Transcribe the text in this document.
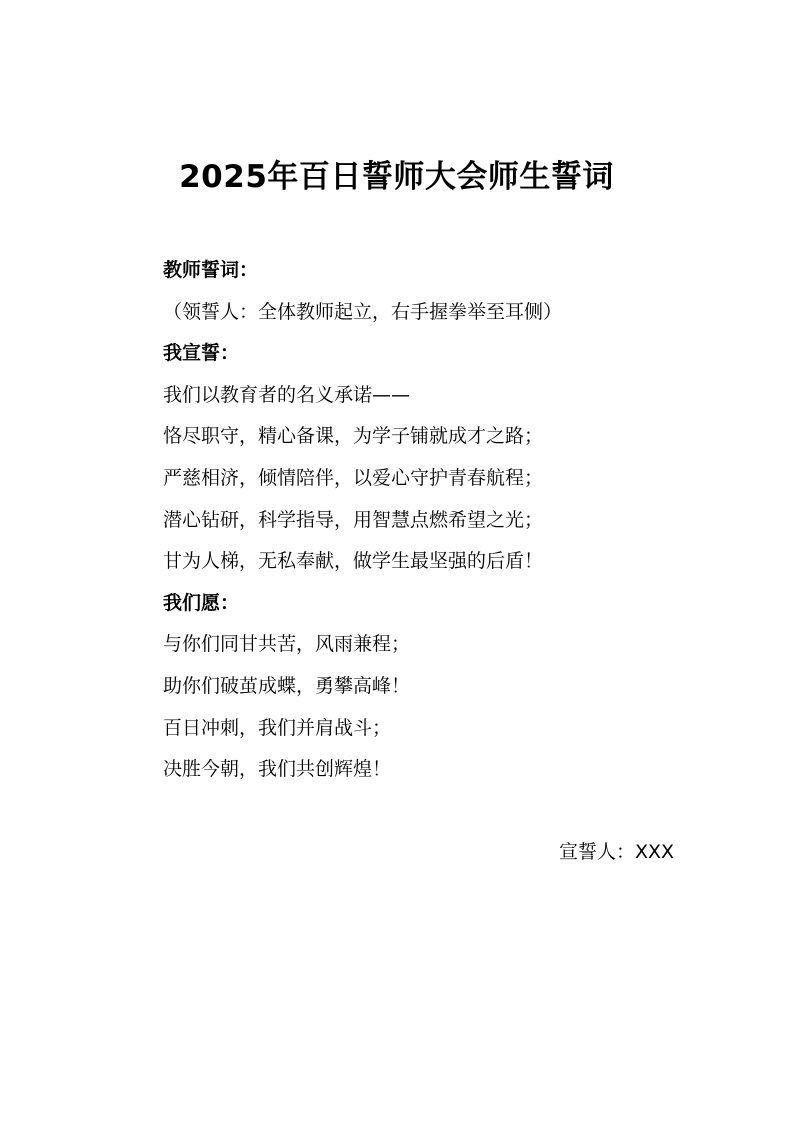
2025年百日誓师大会师生誓词
教师誓词：
（领誓人：全体教师起立，右手握拳举至耳侧）
我宣誓：
我们以教育者的名义承诺——
恪尽职守，精心备课，为学子铺就成才之路；
严慈相济，倾情陪伴，以爱心守护青春航程；
潜心钻研，科学指导，用智慧点燃希望之光；
甘为人梯，无私奉献，做学生最坚强的后盾！
我们愿：
与你们同甘共苦，风雨兼程；
助你们破茧成蝶，勇攀高峰！
百日冲刺，我们并肩战斗；
决胜今朝，我们共创辉煌！
宣誓人：XXX
